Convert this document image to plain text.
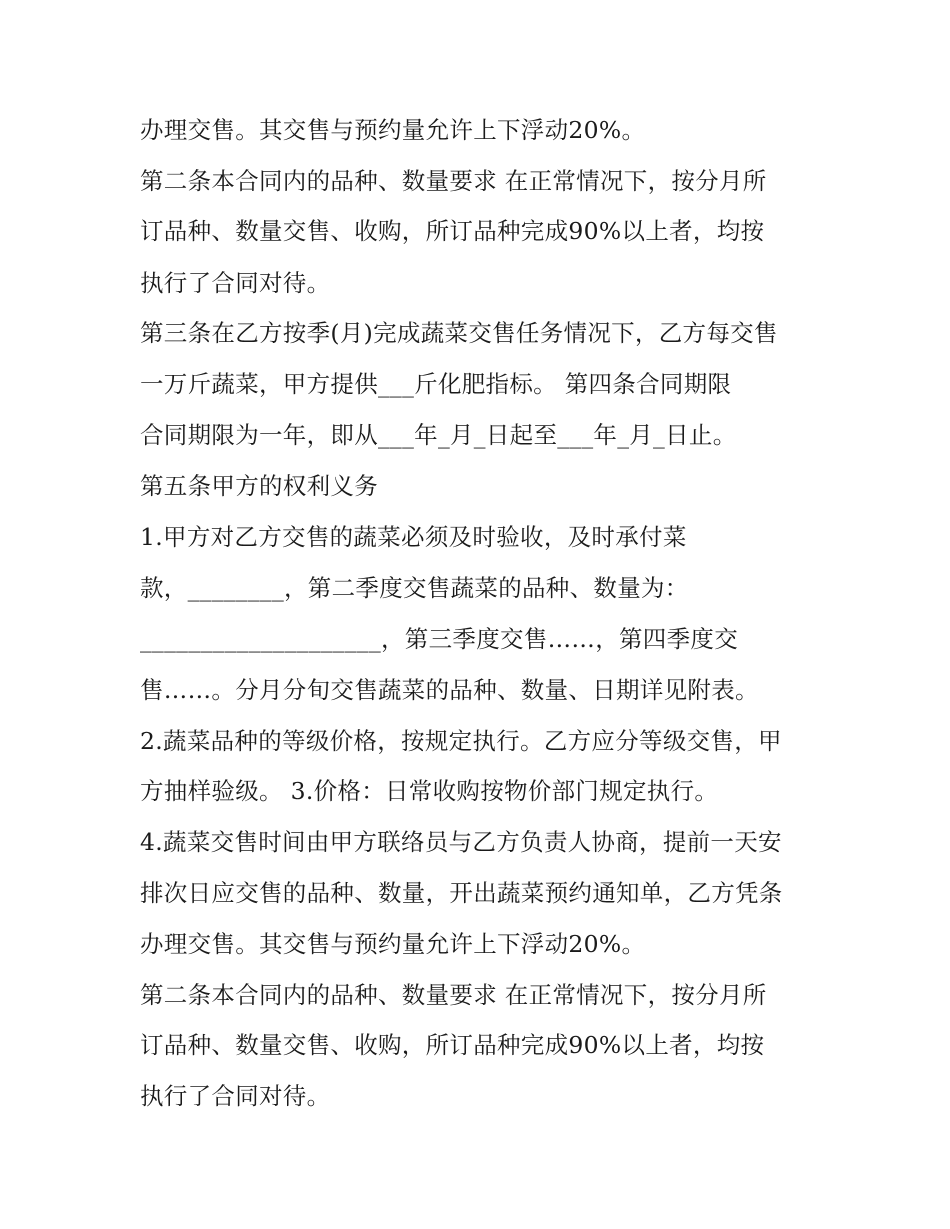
办理交售。其交售与预约量允许上下浮动20%。
第二条本合同内的品种、数量要求 在正常情况下，按分月所
订品种、数量交售、收购，所订品种完成90%以上者，均按
执行了合同对待。
第三条在乙方按季(月)完成蔬菜交售任务情况下，乙方每交售
一万斤蔬菜，甲方提供___斤化肥指标。 第四条合同期限
合同期限为一年，即从___年_月_日起至___年_月_日止。
第五条甲方的权利义务
1.甲方对乙方交售的蔬菜必须及时验收，及时承付菜
款，________，第二季度交售蔬菜的品种、数量为：
____________________，第三季度交售……，第四季度交
售……。分月分旬交售蔬菜的品种、数量、日期详见附表。
2.蔬菜品种的等级价格，按规定执行。乙方应分等级交售，甲
方抽样验级。 3.价格：日常收购按物价部门规定执行。
4.蔬菜交售时间由甲方联络员与乙方负责人协商，提前一天安
排次日应交售的品种、数量，开出蔬菜预约通知单，乙方凭条
办理交售。其交售与预约量允许上下浮动20%。
第二条本合同内的品种、数量要求 在正常情况下，按分月所
订品种、数量交售、收购，所订品种完成90%以上者，均按
执行了合同对待。
